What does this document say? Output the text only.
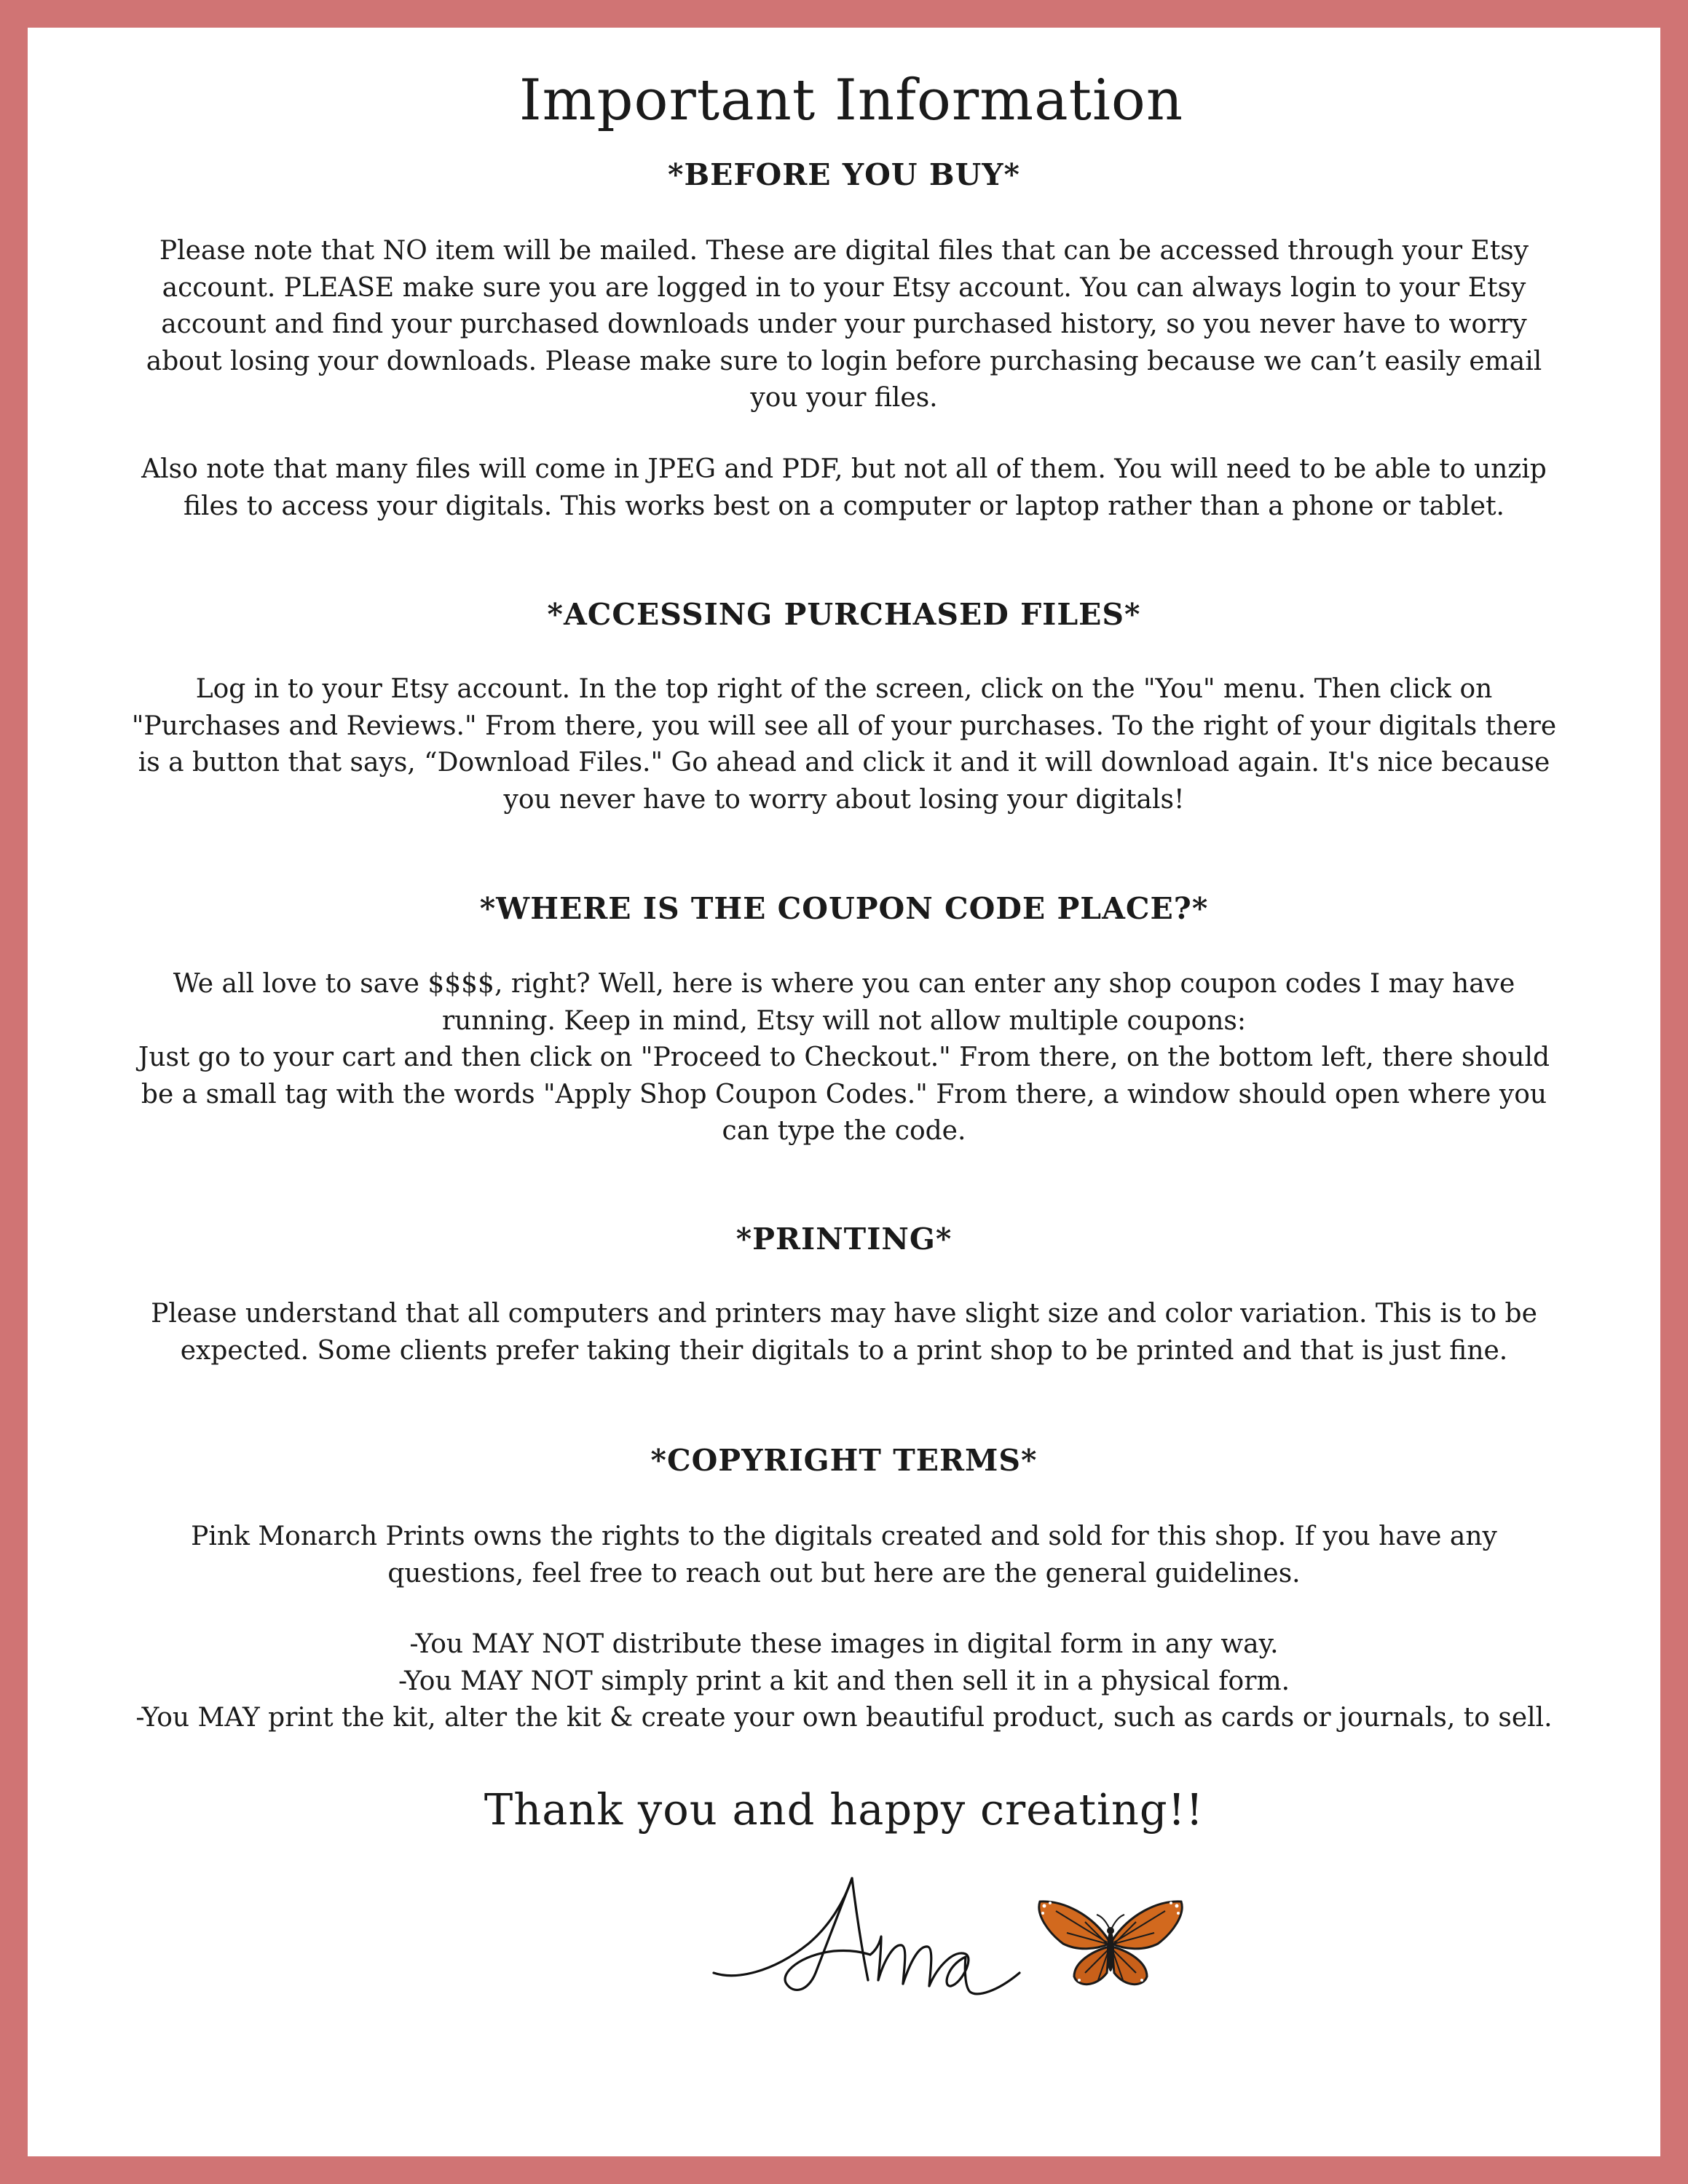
Important Information
*BEFORE YOU BUY*
Please note that NO item will be mailed. These are digital files that can be accessed through your Etsy
account. PLEASE make sure you are logged in to your Etsy account. You can always login to your Etsy
account and find your purchased downloads under your purchased history, so you never have to worry
about losing your downloads. Please make sure to login before purchasing because we can’t easily email
you your files.
Also note that many files will come in JPEG and PDF, but not all of them. You will need to be able to unzip
files to access your digitals. This works best on a computer or laptop rather than a phone or tablet.
*ACCESSING PURCHASED FILES*
Log in to your Etsy account. In the top right of the screen, click on the "You" menu. Then click on
"Purchases and Reviews." From there, you will see all of your purchases. To the right of your digitals there
is a button that says, “Download Files." Go ahead and click it and it will download again. It's nice because
you never have to worry about losing your digitals!
*WHERE IS THE COUPON CODE PLACE?*
We all love to save $$$$, right? Well, here is where you can enter any shop coupon codes I may have
running. Keep in mind, Etsy will not allow multiple coupons:
Just go to your cart and then click on "Proceed to Checkout." From there, on the bottom left, there should
be a small tag with the words "Apply Shop Coupon Codes." From there, a window should open where you
can type the code.
*PRINTING*
Please understand that all computers and printers may have slight size and color variation. This is to be
expected. Some clients prefer taking their digitals to a print shop to be printed and that is just fine.
*COPYRIGHT TERMS*
Pink Monarch Prints owns the rights to the digitals created and sold for this shop. If you have any
questions, feel free to reach out but here are the general guidelines.
-You MAY NOT distribute these images in digital form in any way.
-You MAY NOT simply print a kit and then sell it in a physical form.
-You MAY print the kit, alter the kit & create your own beautiful product, such as cards or journals, to sell.
Thank you and happy creating!!
